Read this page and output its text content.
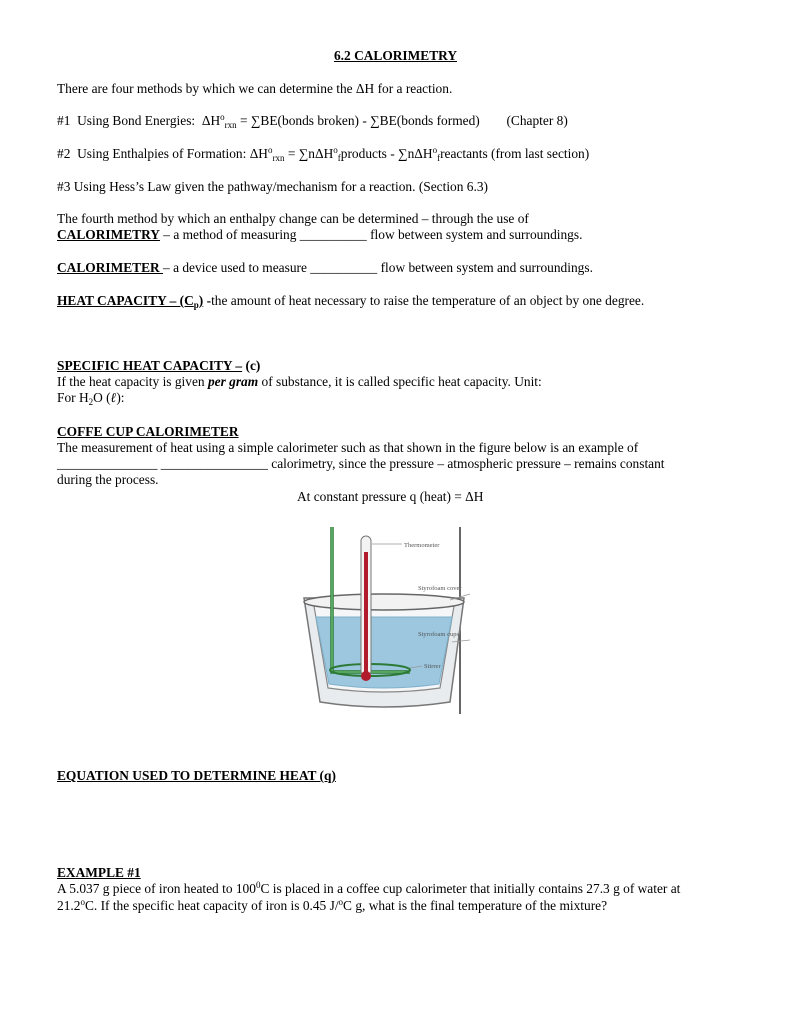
6.2 CALORIMETRY
There are four methods by which we can determine the ΔH for a reaction.
#1 Using Bond Energies: $\Delta H^o_{rxn}$ = ∑BE(bonds broken) - ∑BE(bonds formed) (Chapter 8)
#2 Using Enthalpies of Formation: $\Delta H^o_{rxn}$ = ∑nΔH$^o_f$products - ∑nΔH$^o_f$reactants (from last section)
#3 Using Hess’s Law given the pathway/mechanism for a reaction. (Section 6.3)
The fourth method by which an enthalpy change can be determined – through the use of
CALORIMETRY – a method of measuring __________ flow between system and surroundings.
CALORIMETER – a device used to measure __________ flow between system and surroundings.
HEAT CAPACITY – $(C_p)$ -the amount of heat necessary to raise the temperature of an object by one degree.
SPECIFIC HEAT CAPACITY – (c)
If the heat capacity is given per gram of substance, it is called specific heat capacity. Unit:
For $H_2O$ (ℓ):
COFFE CUP CALORIMETER
The measurement of heat using a simple calorimeter such as that shown in the figure below is an example of
_______________ ________________ calorimetry, since the pressure – atmospheric pressure – remains constant
during the process.
At constant pressure q (heat) = ΔH
Thermometer
Styrofoam cover
Styrofoam cups
Stirrer
EQUATION USED TO DETERMINE HEAT (q)
EXAMPLE #1
A 5.037 g piece of iron heated to $100^0C$ is placed in a coffee cup calorimeter that initially contains 27.3 g of water at
21.2$^o$C. If the specific heat capacity of iron is 0.45 J/$^o$C g, what is the final temperature of the mixture?
